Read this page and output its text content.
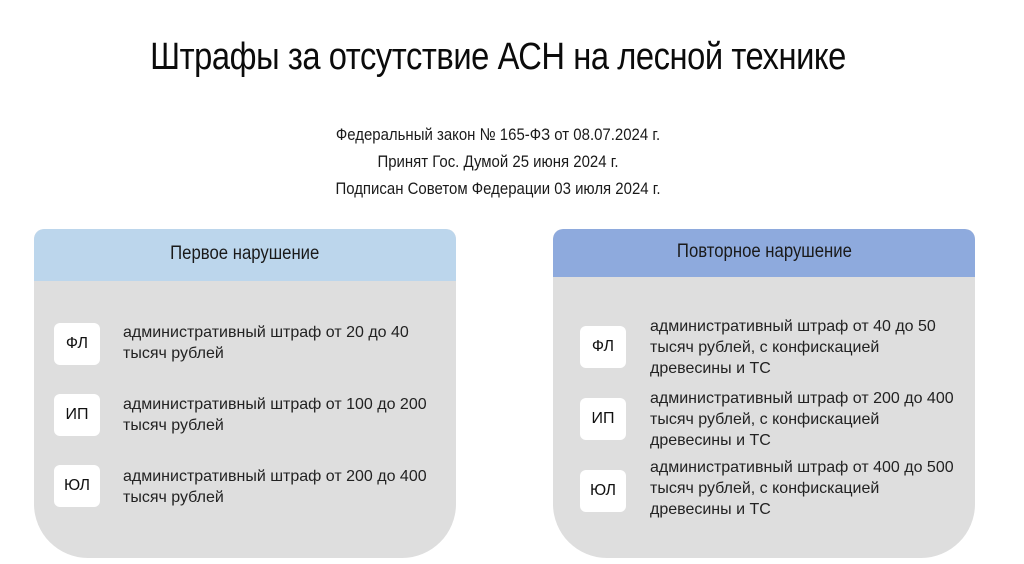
Штрафы за отсутствие АСН на лесной технике
Федеральный закон № 165-ФЗ от 08.07.2024 г.
Принят Гос. Думой 25 июня 2024 г.
Подписан Советом Федерации 03 июля 2024 г.
Первое нарушение
ФЛ
административный штраф от 20 до 40 тысяч рублей
ИП
административный штраф от 100 до 200 тысяч рублей
ЮЛ
административный штраф от 200 до 400 тысяч рублей
Повторное нарушение
ФЛ
административный штраф от 40 до 50 тысяч рублей, с конфискацией древесины и ТС
ИП
административный штраф от 200 до 400 тысяч рублей, с конфискацией древесины и ТС
ЮЛ
административный штраф от 400 до 500 тысяч рублей, с конфискацией древесины и ТС
